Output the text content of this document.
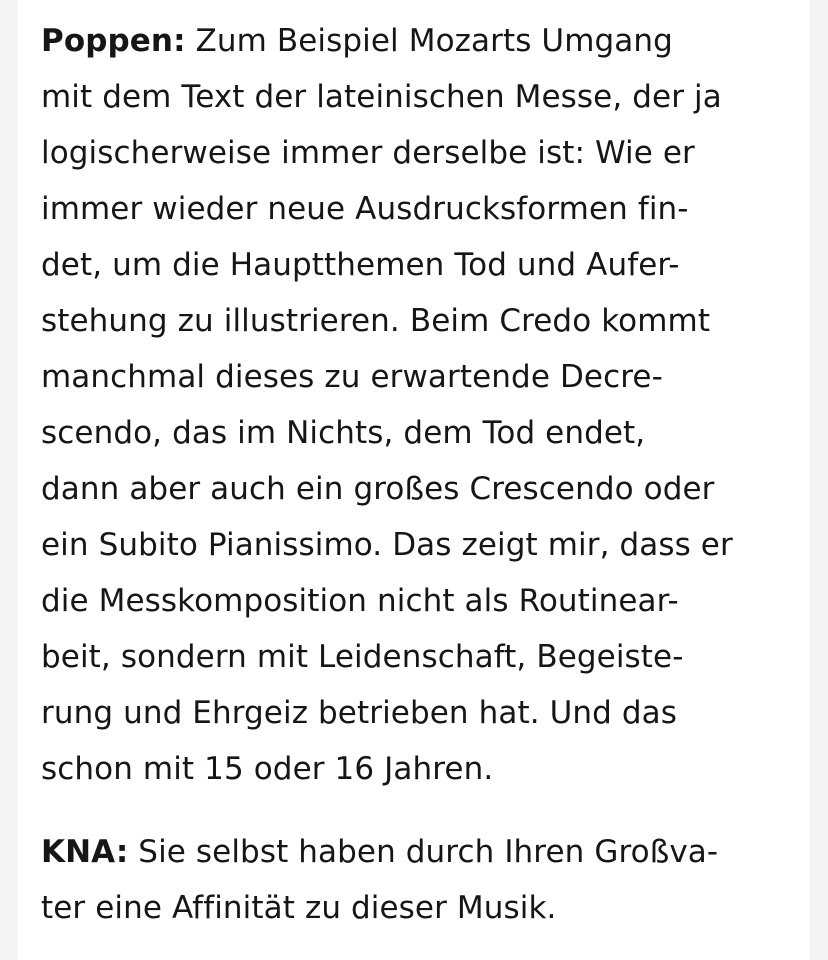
Poppen: Zum Beispiel Mozarts Umgang
mit dem Text der lateinischen Messe, der ja
logischerweise immer derselbe ist: Wie er
immer wieder neue Ausdrucksformen fin-
det, um die Hauptthemen Tod und Aufer-
stehung zu illustrieren. Beim Credo kommt
manchmal dieses zu erwartende Decre-
scendo, das im Nichts, dem Tod endet,
dann aber auch ein großes Crescendo oder
ein Subito Pianissimo. Das zeigt mir, dass er
die Messkomposition nicht als Routinear-
beit, sondern mit Leidenschaft, Begeiste-
rung und Ehrgeiz betrieben hat. Und das
schon mit 15 oder 16 Jahren.

KNA: Sie selbst haben durch Ihren Großva-
ter eine Affinität zu dieser Musik.
